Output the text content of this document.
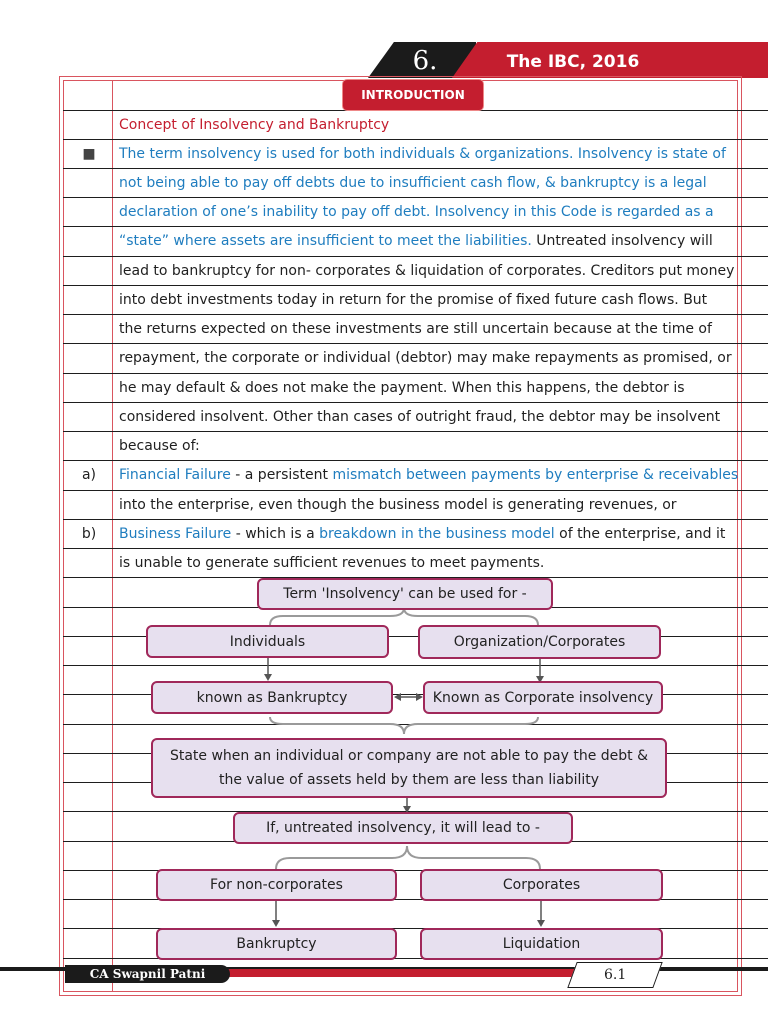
6.	The IBC, 2016
INTRODUCTION
Concept of Insolvency and Bankruptcy
■	The term insolvency is used for both individuals & organizations. Insolvency is state of
not being able to pay off debts due to insufficient cash flow, & bankruptcy is a legal
declaration of one’s inability to pay off debt. Insolvency in this Code is regarded as a
“state” where assets are insufficient to meet the liabilities. Untreated insolvency will
lead to bankruptcy for non- corporates & liquidation of corporates. Creditors put money
into debt investments today in return for the promise of fixed future cash flows. But
the returns expected on these investments are still uncertain because at the time of
repayment, the corporate or individual (debtor) may make repayments as promised, or
he may default & does not make the payment. When this happens, the debtor is
considered insolvent. Other than cases of outright fraud, the debtor may be insolvent
because of:
a)	Financial Failure - a persistent mismatch between payments by enterprise & receivables
into the enterprise, even though the business model is generating revenues, or
b)	Business Failure - which is a breakdown in the business model of the enterprise, and it
is unable to generate sufficient revenues to meet payments.
Term 'Insolvency' can be used for -
Individuals	Organization/Corporates
known as Bankruptcy	Known as Corporate insolvency
State when an individual or company are not able to pay the debt &
the value of assets held by them are less than liability
If, untreated insolvency, it will lead to -
For non-corporates	Corporates
Bankruptcy	Liquidation
CA Swapnil Patni	6.1
